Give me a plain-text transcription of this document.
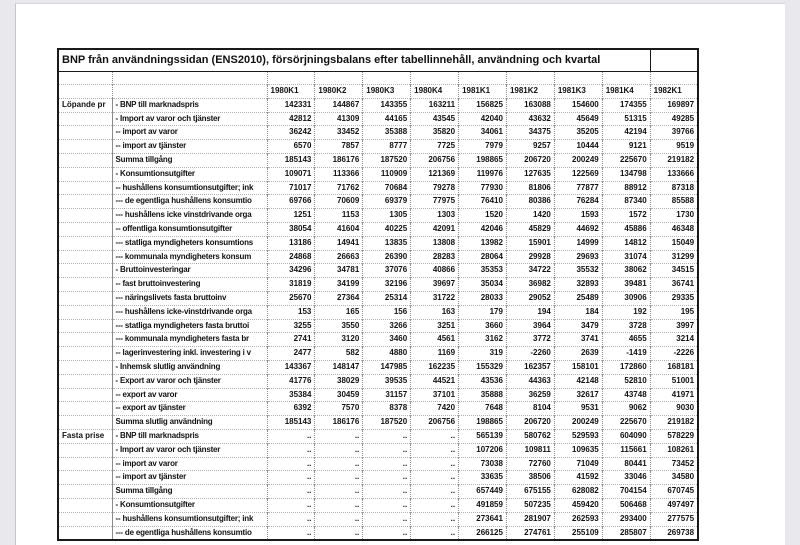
BNP från användningssidan (ENS2010), försörjningsbalans efter tabellinnehåll, användning och kvartal										

		1980K1	1980K2	1980K3	1980K4	1981K1	1981K2	1981K3	1981K4	1982K1
Löpande pr	- BNP till marknadspris	142331	144867	143355	163211	156825	163088	154600	174355	169897
	- Import av varor och tjänster	42812	41309	44165	43545	42040	43632	45649	51315	49285
	-- import av varor	36242	33452	35388	35820	34061	34375	35205	42194	39766
	-- import av tjänster	6570	7857	8777	7725	7979	9257	10444	9121	9519
	Summa tillgång	185143	186176	187520	206756	198865	206720	200249	225670	219182
	- Konsumtionsutgifter	109071	113366	110909	121369	119976	127635	122569	134798	133666
	-- hushållens konsumtionsutgifter; ink	71017	71762	70684	79278	77930	81806	77877	88912	87318
	--- de egentliga hushållens konsumtio	69766	70609	69379	77975	76410	80386	76284	87340	85588
	--- hushållens icke vinstdrivande orga	1251	1153	1305	1303	1520	1420	1593	1572	1730
	-- offentliga konsumtionsutgifter	38054	41604	40225	42091	42046	45829	44692	45886	46348
	--- statliga myndigheters konsumtions	13186	14941	13835	13808	13982	15901	14999	14812	15049
	--- kommunala myndigheters konsum	24868	26663	26390	28283	28064	29928	29693	31074	31299
	- Bruttoinvesteringar	34296	34781	37076	40866	35353	34722	35532	38062	34515
	-- fast bruttoinvestering	31819	34199	32196	39697	35034	36982	32893	39481	36741
	--- näringslivets fasta bruttoinv	25670	27364	25314	31722	28033	29052	25489	30906	29335
	--- hushållens icke-vinstdrivande orga	153	165	156	163	179	194	184	192	195
	--- statliga myndigheters fasta bruttoi	3255	3550	3266	3251	3660	3964	3479	3728	3997
	--- kommunala myndigheters fasta br	2741	3120	3460	4561	3162	3772	3741	4655	3214
	-- lagerinvestering inkl. investering i v	2477	582	4880	1169	319	-2260	2639	-1419	-2226
	- Inhemsk slutlig användning	143367	148147	147985	162235	155329	162357	158101	172860	168181
	- Export av varor och tjänster	41776	38029	39535	44521	43536	44363	42148	52810	51001
	-- export av varor	35384	30459	31157	37101	35888	36259	32617	43748	41971
	-- export av tjänster	6392	7570	8378	7420	7648	8104	9531	9062	9030
	Summa slutlig användning	185143	186176	187520	206756	198865	206720	200249	225670	219182
Fasta prise	- BNP till marknadspris	..	..	..	..	565139	580762	529593	604090	578229
	- Import av varor och tjänster	..	..	..	..	107206	109811	109635	115661	108261
	-- import av varor	..	..	..	..	73038	72760	71049	80441	73452
	-- import av tjänster	..	..	..	..	33635	38506	41592	33046	34580
	Summa tillgång	..	..	..	..	657449	675155	628082	704154	670745
	- Konsumtionsutgifter	..	..	..	..	491859	507235	459420	506468	497497
	-- hushållens konsumtionsutgifter; ink	..	..	..	..	273641	281907	262593	293400	277575
	--- de egentliga hushållens konsumtio	..	..	..	..	266125	274761	255109	285807	269738
